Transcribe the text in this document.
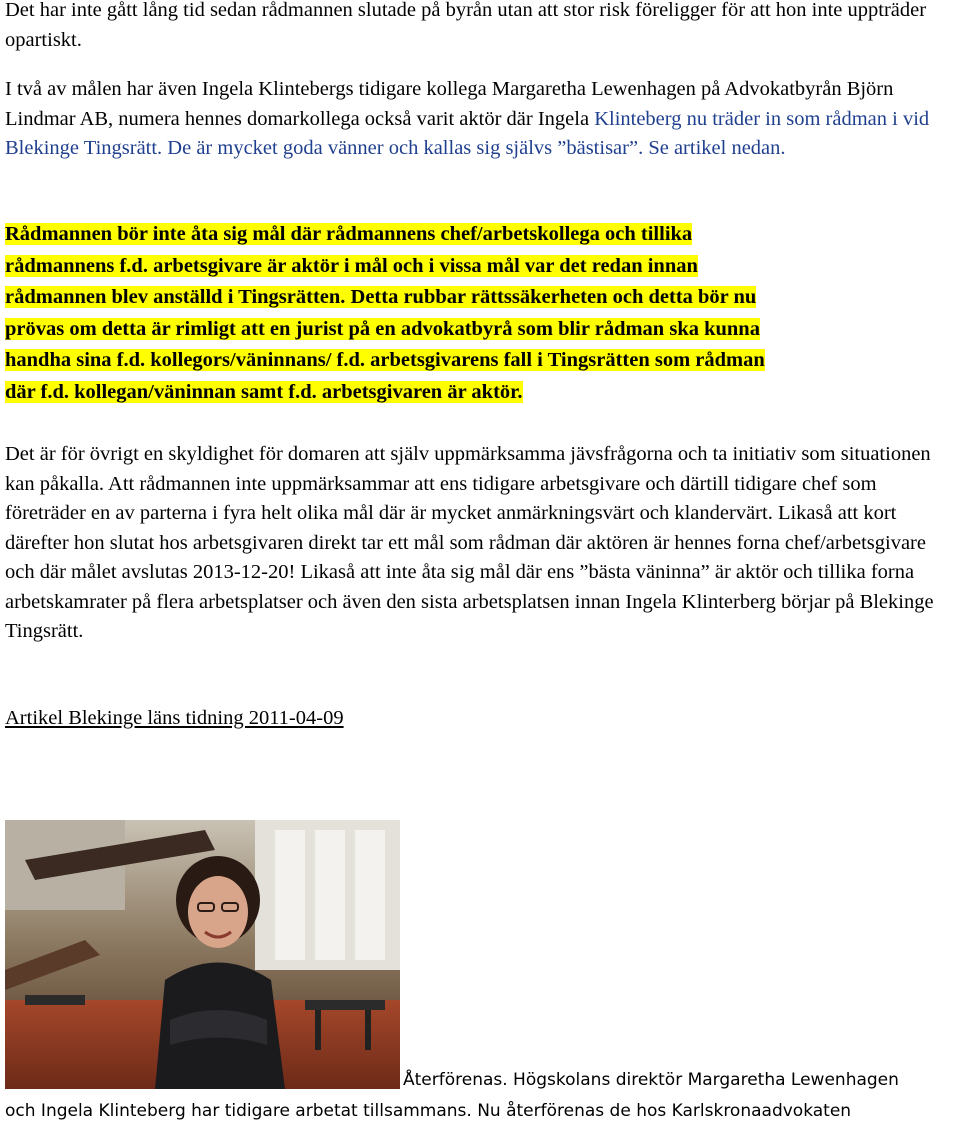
Det har inte gått lång tid sedan rådmannen slutade på byrån utan att stor risk föreligger för att hon inte uppträder opartiskt.

I två av målen har även Ingela Klintebergs tidigare kollega Margaretha Lewenhagen på Advokatbyrån Björn Lindmar AB, numera hennes domarkollega också varit aktör där Ingela Klinteberg nu träder in som rådman i vid Blekinge Tingsrätt. De är mycket goda vänner och kallas sig självs ”bästisar”. Se artikel nedan.

Rådmannen bör inte åta sig mål där rådmannens chef/arbetskollega och tillika
rådmannens f.d. arbetsgivare är aktör i mål och i vissa mål var det redan innan
rådmannen blev anställd i Tingsrätten. Detta rubbar rättssäkerheten och detta bör nu
prövas om detta är rimligt att en jurist på en advokatbyrå som blir rådman ska kunna
handha sina f.d. kollegors/väninnans/ f.d. arbetsgivarens fall i Tingsrätten som rådman
där f.d. kollegan/väninnan samt f.d. arbetsgivaren är aktör.

Det är för övrigt en skyldighet för domaren att själv uppmärksamma jävsfrågorna och ta initiativ som situationen kan påkalla. Att rådmannen inte uppmärksammar att ens tidigare arbetsgivare och därtill tidigare chef som företräder en av parterna i fyra helt olika mål där är mycket anmärkningsvärt och klandervärt. Likaså att kort därefter hon slutat hos arbetsgivaren direkt tar ett mål som rådman där aktören är hennes forna chef/arbetsgivare och där målet avslutas 2013-12-20! Likaså att inte åta sig mål där ens ”bästa väninna” är aktör och tillika forna arbetskamrater på flera arbetsplatser och även den sista arbetsplatsen innan Ingela Klinterberg börjar på Blekinge Tingsrätt.

Artikel Blekinge läns tidning 2011-04-09
Återförenas. Högskolans direktör Margaretha Lewenhagen
och Ingela Klinteberg har tidigare arbetat tillsammans. Nu återförenas de hos Karlskronaadvokaten
